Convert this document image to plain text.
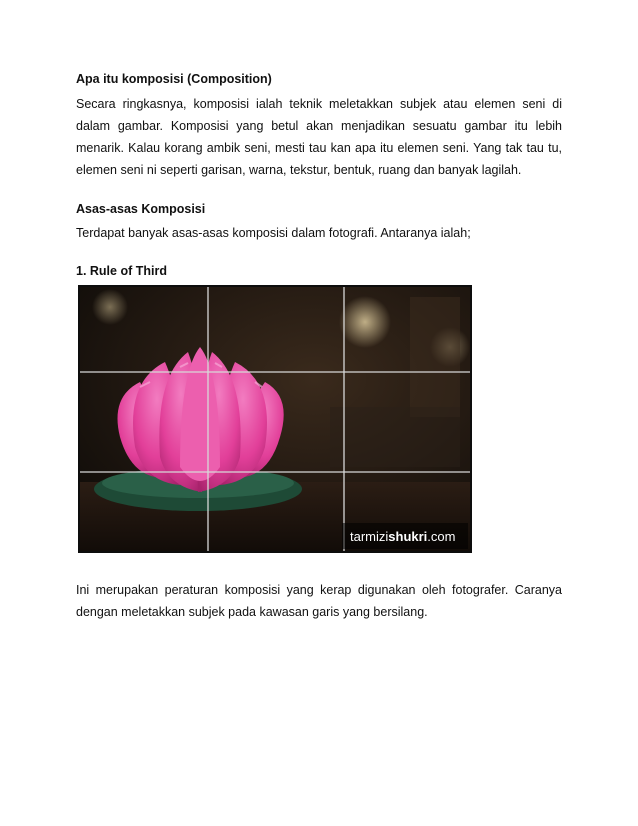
Apa itu komposisi (Composition)

Secara ringkasnya, komposisi ialah teknik meletakkan subjek atau elemen seni di

dalam gambar. Komposisi yang betul akan menjadikan sesuatu gambar itu lebih

menarik. Kalau korang ambik seni, mesti tau kan apa itu elemen seni. Yang tak tau tu,

elemen seni ni seperti garisan, warna, tekstur, bentuk, ruang dan banyak lagilah.

Asas-asas Komposisi

Terdapat banyak asas-asas komposisi dalam fotografi. Antaranya ialah;

1. Rule of Third

tarmizishukri.com

Ini merupakan peraturan komposisi yang kerap digunakan oleh fotografer. Caranya

dengan meletakkan subjek pada kawasan garis yang bersilang.
